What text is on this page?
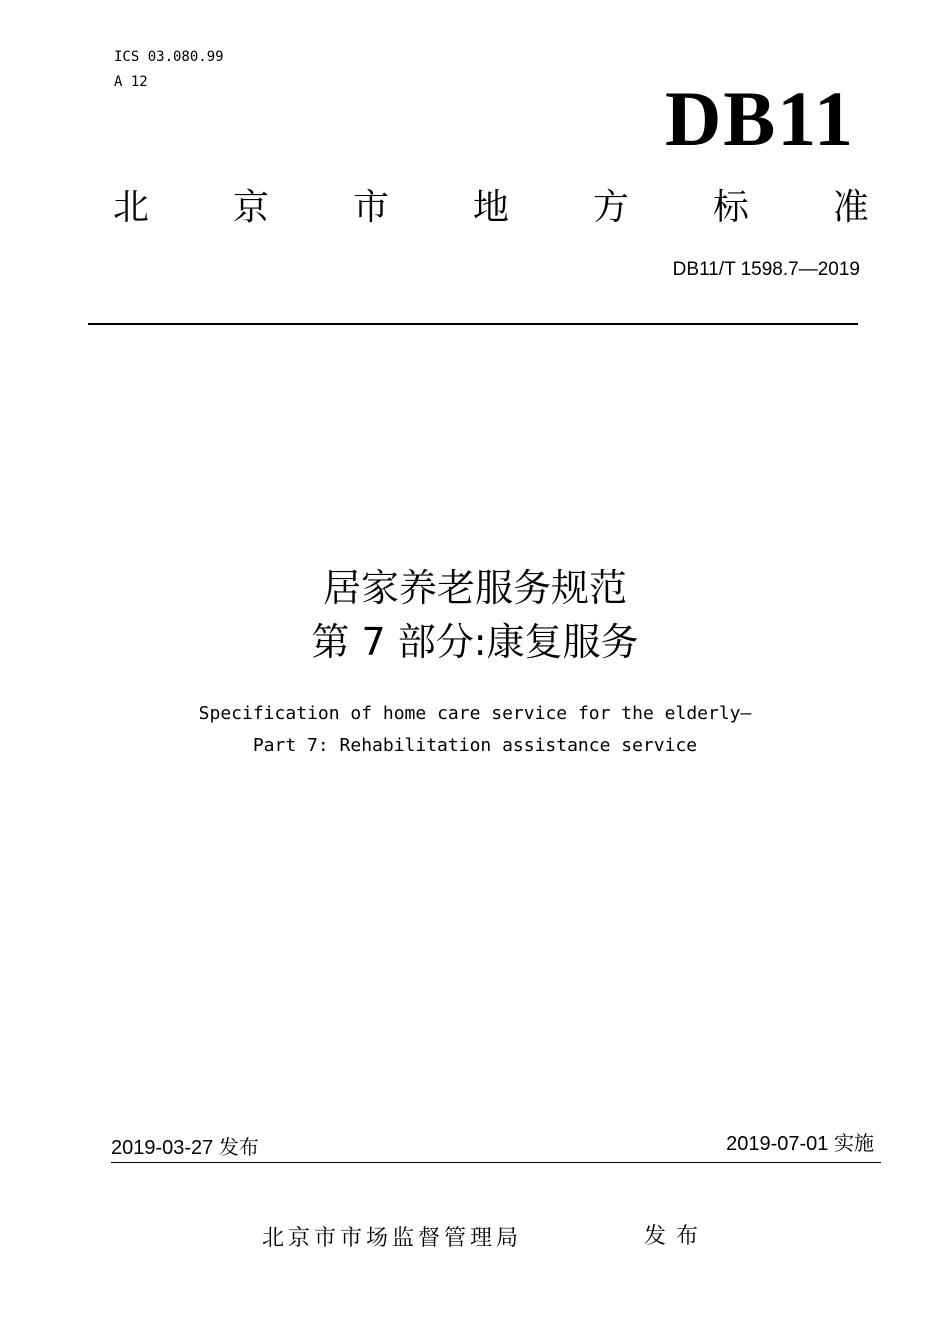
ICS 03.080.99
A 12	DB11
北 京 市 地 方 标 准
DB11/T 1598.7—2019
居家养老服务规范
第 7 部分:康复服务
Specification of home care service for the elderly—
Part 7: Rehabilitation assistance service
2019-03-27 发布	2019-07-01 实施
北京市市场监督管理局	发布
